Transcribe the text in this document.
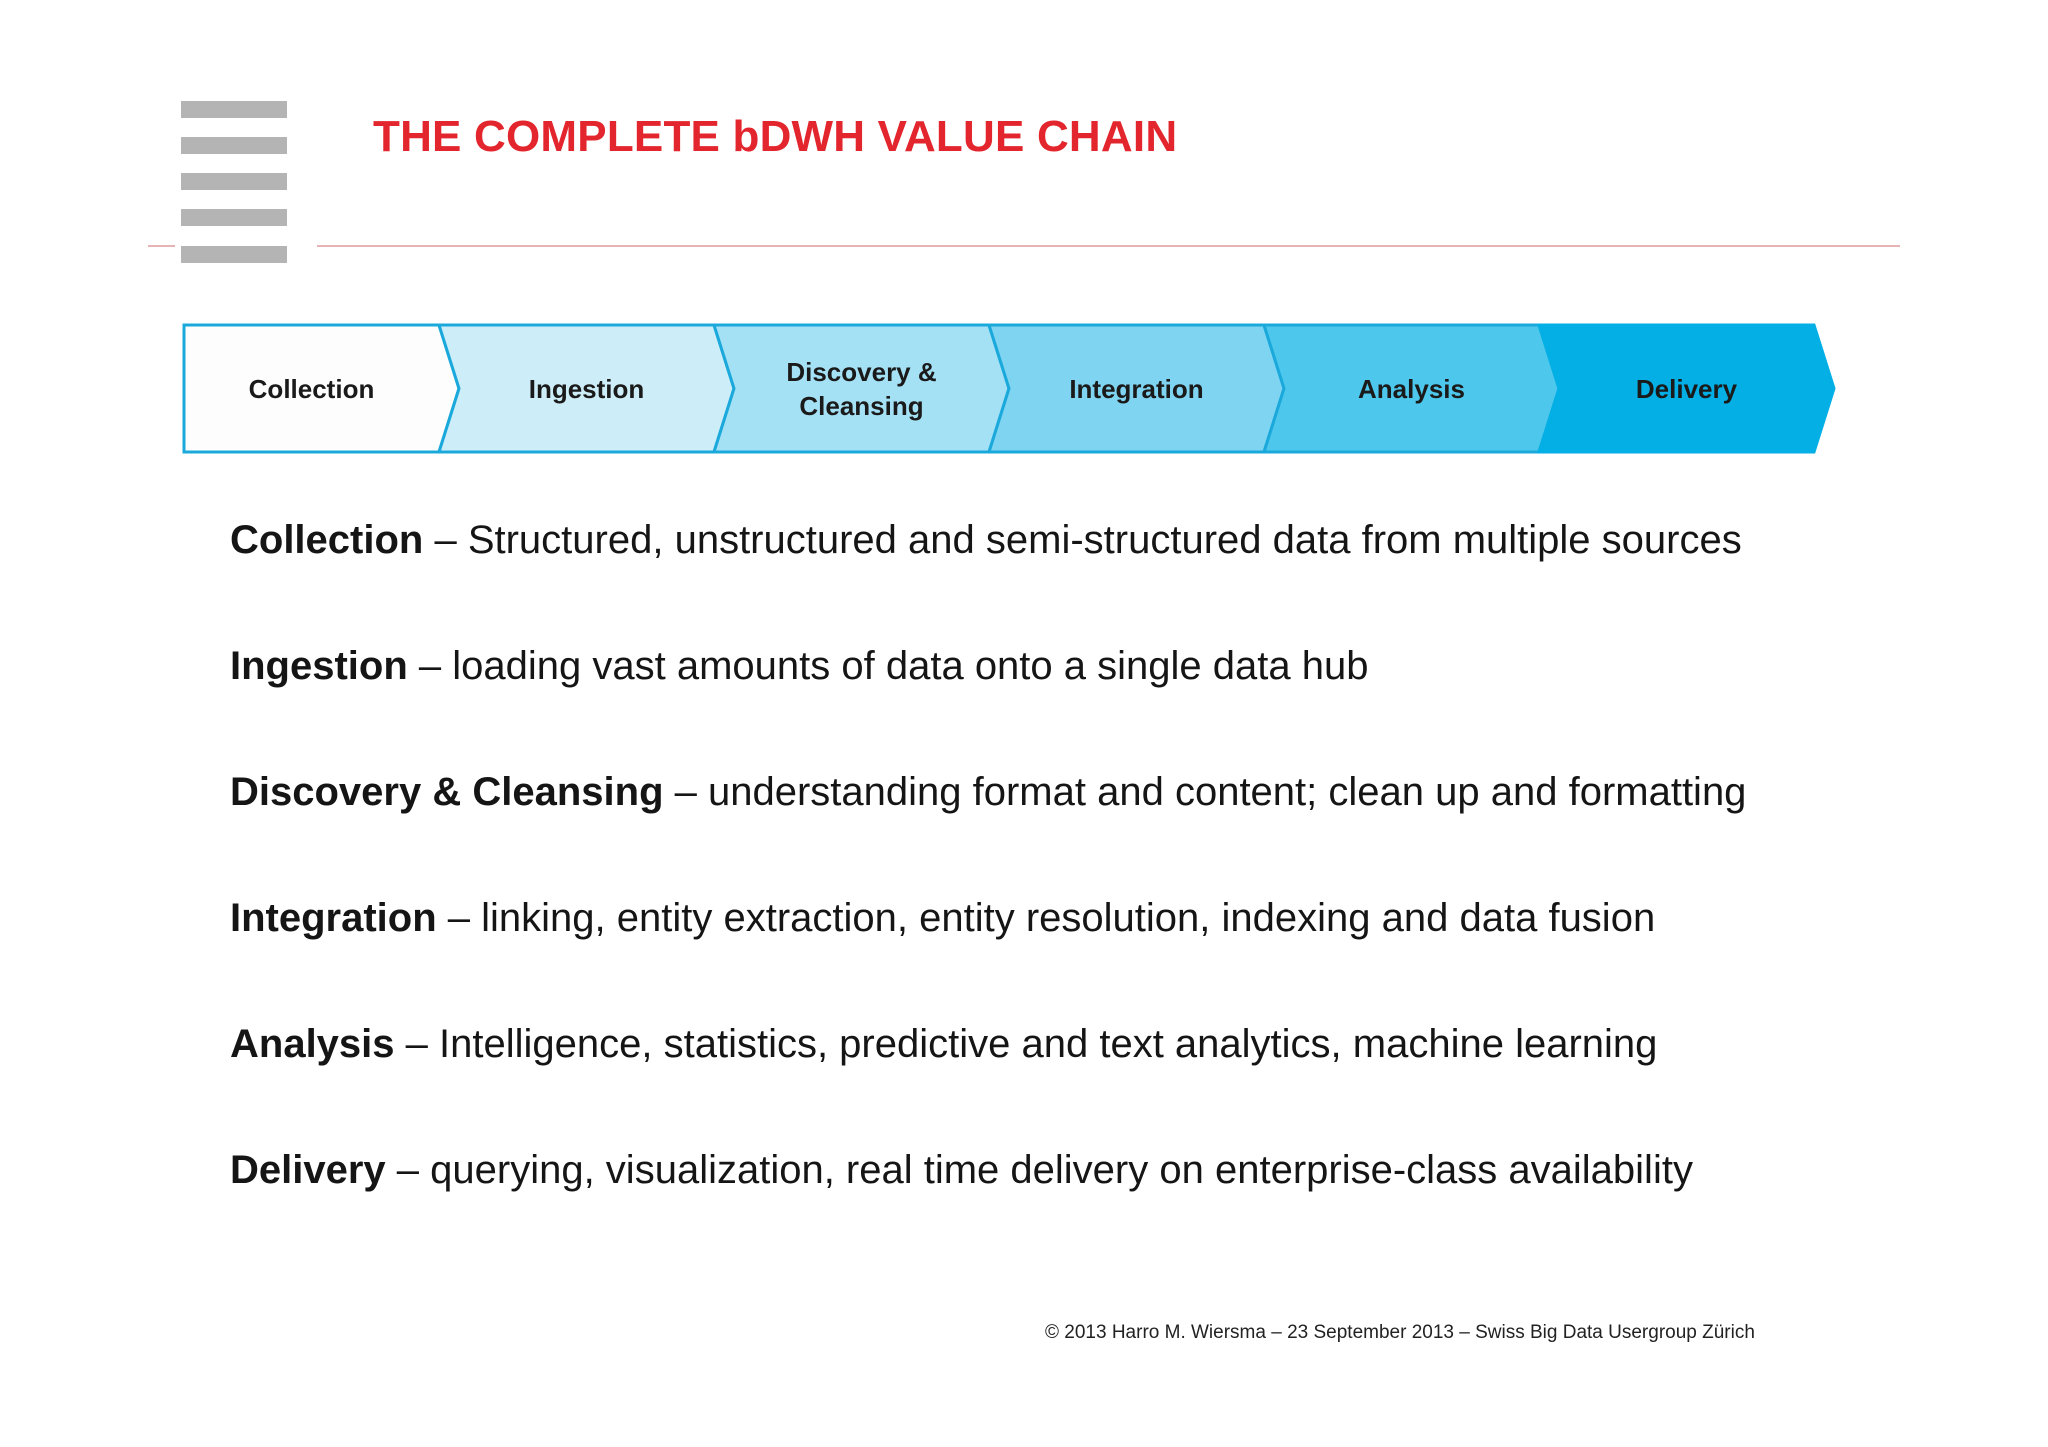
THE COMPLETE bDWH VALUE CHAIN
Collection	Ingestion
Discovery &
Cleansing
Integration	Analysis	Delivery
Collection – Structured, unstructured and semi-structured data from multiple sources
Ingestion – loading vast amounts of data onto a single data hub
Discovery & Cleansing – understanding format and content; clean up and formatting
Integration – linking, entity extraction, entity resolution, indexing and data fusion
Analysis – Intelligence, statistics, predictive and text analytics, machine learning
Delivery – querying, visualization, real time delivery on enterprise-class availability
© 2013 Harro M. Wiersma – 23 September 2013 – Swiss Big Data Usergroup Zürich
